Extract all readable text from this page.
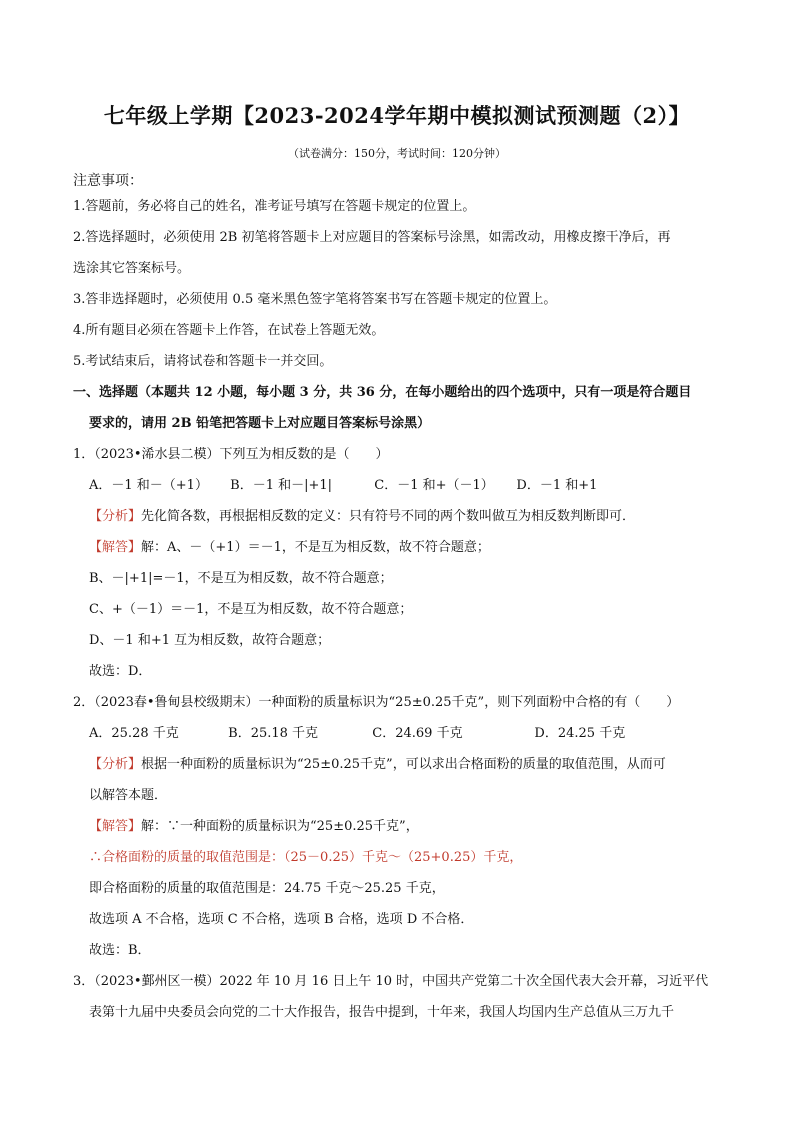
七年级上学期【2023-2024学年期中模拟测试预测题（2）】
（试卷满分：150分，考试时间：120分钟）
注意事项：
1.答题前，务必将自己的姓名，准考证号填写在答题卡规定的位置上。
2.答选择题时，必须使用 2B 初笔将答题卡上对应题目的答案标号涂黑，如需改动，用橡皮擦干净后，再
选涂其它答案标号。
3.答非选择题时，必须使用 0.5 毫米黑色签字笔将答案书写在答题卡规定的位置上。
4.所有题目必须在答题卡上作答，在试卷上答题无效。
5.考试结束后，请将试卷和答题卡一并交回。
一、选择题（本题共 12 小题，每小题 3 分，共 36 分，在每小题给出的四个选项中，只有一项是符合题目
要求的，请用 2B 铅笔把答题卡上对应题目答案标号涂黑）
1．（2023•浠水县二模）下列互为相反数的是（　　）
A．－1 和－（+1） B．－1 和－|+1|	C．－1 和+（－1） D．－1 和+1
【分析】先化简各数，再根据相反数的定义：只有符号不同的两个数叫做互为相反数判断即可．
【解答】解：A、－（+1）＝－1，不是互为相反数，故不符合题意；
B、－|+1|=－1，不是互为相反数，故不符合题意；
C、+（－1）＝－1，不是互为相反数，故不符合题意；
D、－1 和+1 互为相反数，故符合题意；
故选：D．
2．（2023春•鲁甸县校级期末）一种面粉的质量标识为“25±0.25千克”，则下列面粉中合格的有（　　）
A．25.28 千克	B．25.18 千克	C．24.69 千克	D．24.25 千克
【分析】根据一种面粉的质量标识为“25±0.25千克”，可以求出合格面粉的质量的取值范围，从而可
以解答本题．
【解答】解：∵一种面粉的质量标识为“25±0.25千克”，
∴合格面粉的质量的取值范围是：（25－0.25）千克～（25+0.25）千克，
即合格面粉的质量的取值范围是：24.75 千克～25.25 千克，
故选项 A 不合格，选项 C 不合格，选项 B 合格，选项 D 不合格．
故选：B．
3．（2023•鄞州区一模）2022 年 10 月 16 日上午 10 时，中国共产党第二十次全国代表大会开幕，习近平代
表第十九届中央委员会向党的二十大作报告，报告中提到，十年来，我国人均国内生产总值从三万九千
